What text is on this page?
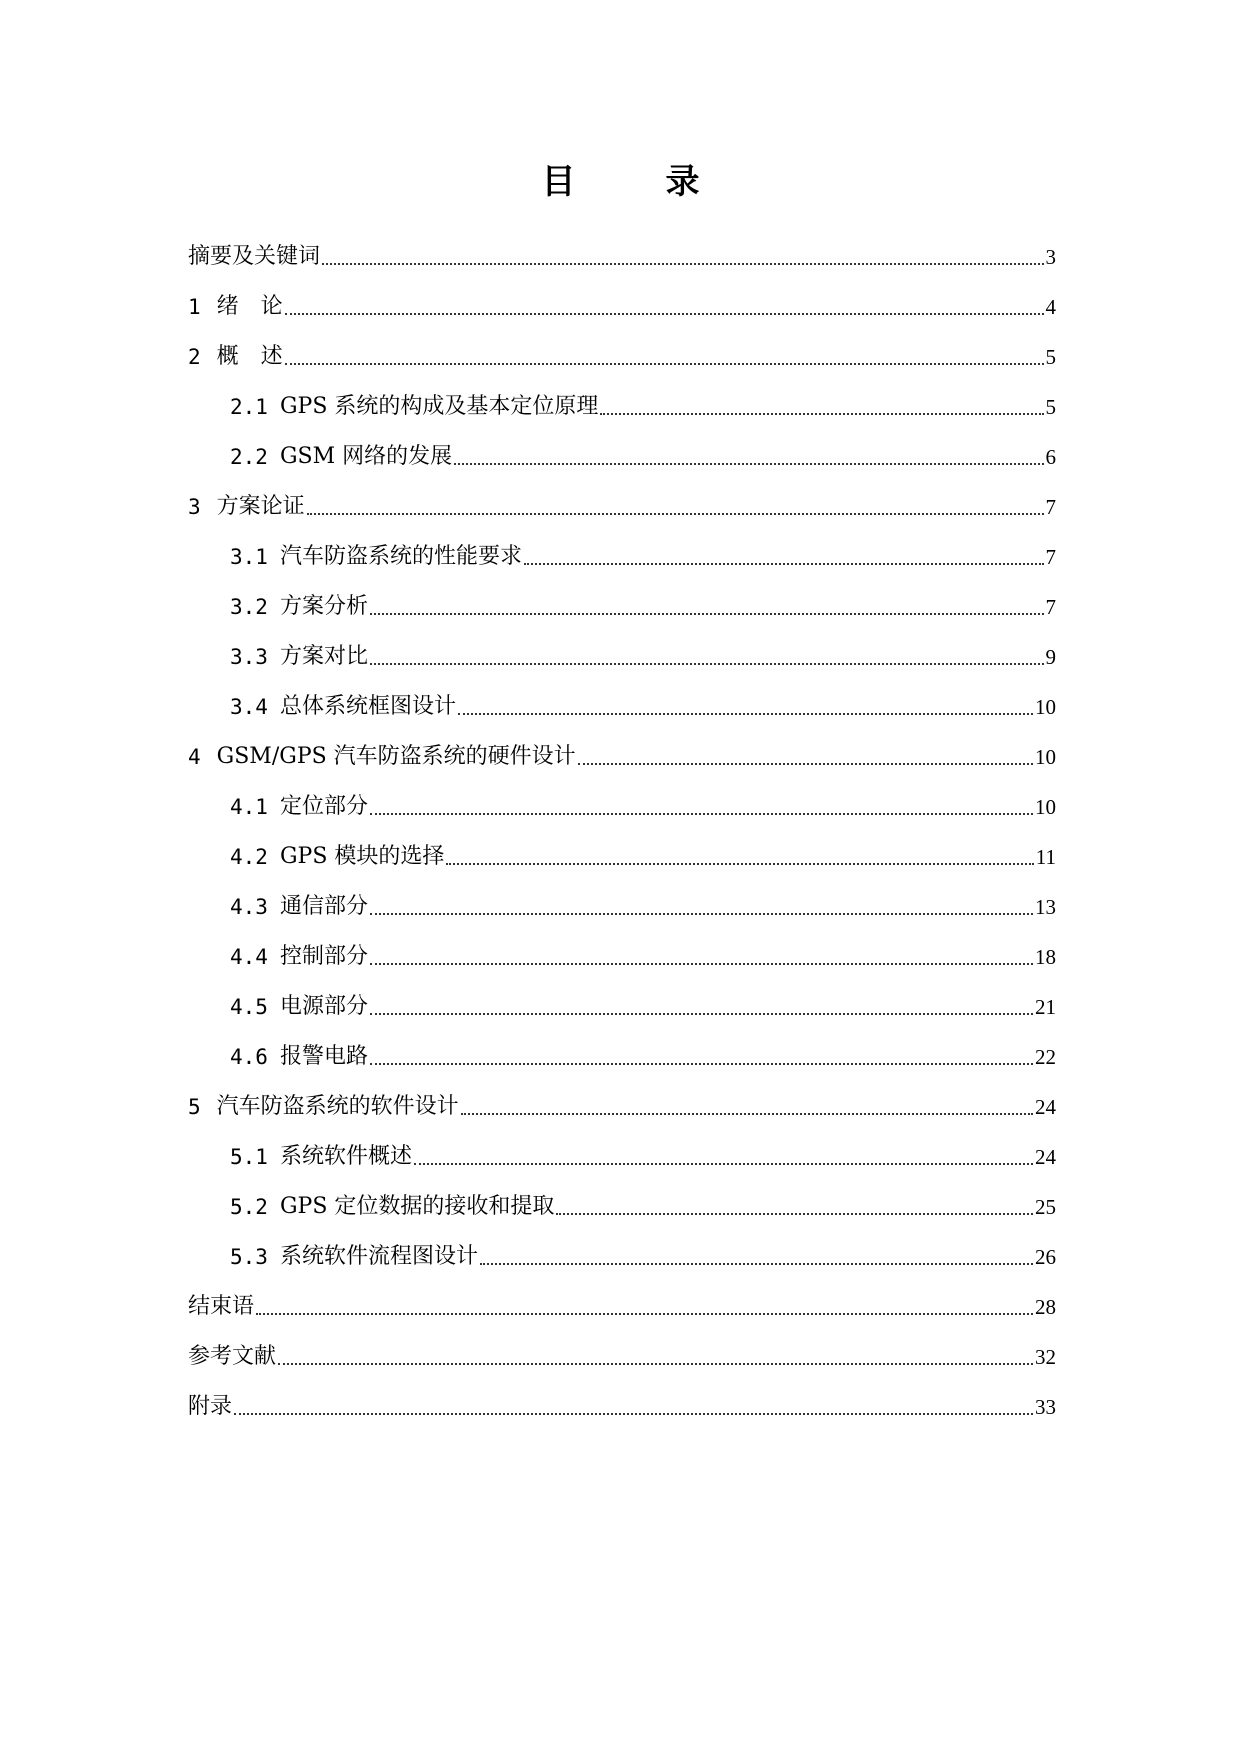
目　录
摘要及关键词	3
1 绪　论	4
2 概　述	5
2.1 GPS 系统的构成及基本定位原理	5
2.2 GSM 网络的发展	6
3 方案论证	7
3.1 汽车防盗系统的性能要求	7
3.2 方案分析	7
3.3 方案对比	9
3.4 总体系统框图设计	10
4 GSM/GPS 汽车防盗系统的硬件设计	10
4.1 定位部分	10
4.2 GPS 模块的选择	11
4.3 通信部分	13
4.4 控制部分	18
4.5 电源部分	21
4.6 报警电路	22
5 汽车防盗系统的软件设计	24
5.1 系统软件概述	24
5.2 GPS 定位数据的接收和提取	25
5.3 系统软件流程图设计	26
结束语	28
参考文献	32
附录	33
